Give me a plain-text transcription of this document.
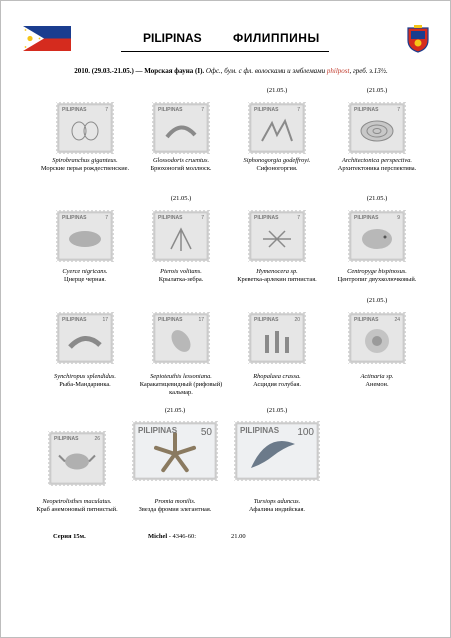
PILIPINAS	ФИЛИППИНЫ
2010. (29.03.-21.05.) — Морская фауна (I). Офс., бум. с фл. волосками и эмблемами philpost, греб. з.13½.
PILIPINAS	7
Spirobranchus giganteus.
Морские перья рождественские.
PILIPINAS	7
Glossodoris cruentus.
Брюхоногий моллюск.
PILIPINAS	7
(21.05.)
Siphonogorgia godeffroyi.
Сифоногоргия.
PILIPINAS	7
(21.05.)
Architectonica perspectiva.
Архитектоника перспектива.
PILIPINAS	7
Cyerce nigricans.
Цнерце черная.
PILIPINAS	7
(21.05.)
Pterois volitans.
Крылатка-зебра.
PILIPINAS	7
Hymenocera sp.
Креветка-арлекин пятнистая.
PILIPINAS	9
(21.05.)
Centropyge bispinosus.
Центропиг двухколючковый.
PILIPINAS	17
Synchiropus splendidus.
Рыба-Мандаринка.
PILIPINAS	17
Sepioteuthis lessoniana.
Каракатицевидный (рифовый) кальмар.
PILIPINAS	20
Rhopalaea crassa.
Асцидия голубая.
PILIPINAS	24
(21.05.)
Actinaria sp.
Анемон.
PILIPINAS	26
Neopetrolisthes maculatus.
Краб анемоновый пятнистый.
PILIPINAS 50
(21.05.)
Promia monilis.
Звезда фромия элегантная.
PILIPINAS 100
(21.05.)
Tursiops aduncus.
Афалина индийская.
Серия 15м.	Michel - 4346-60:	21.00
